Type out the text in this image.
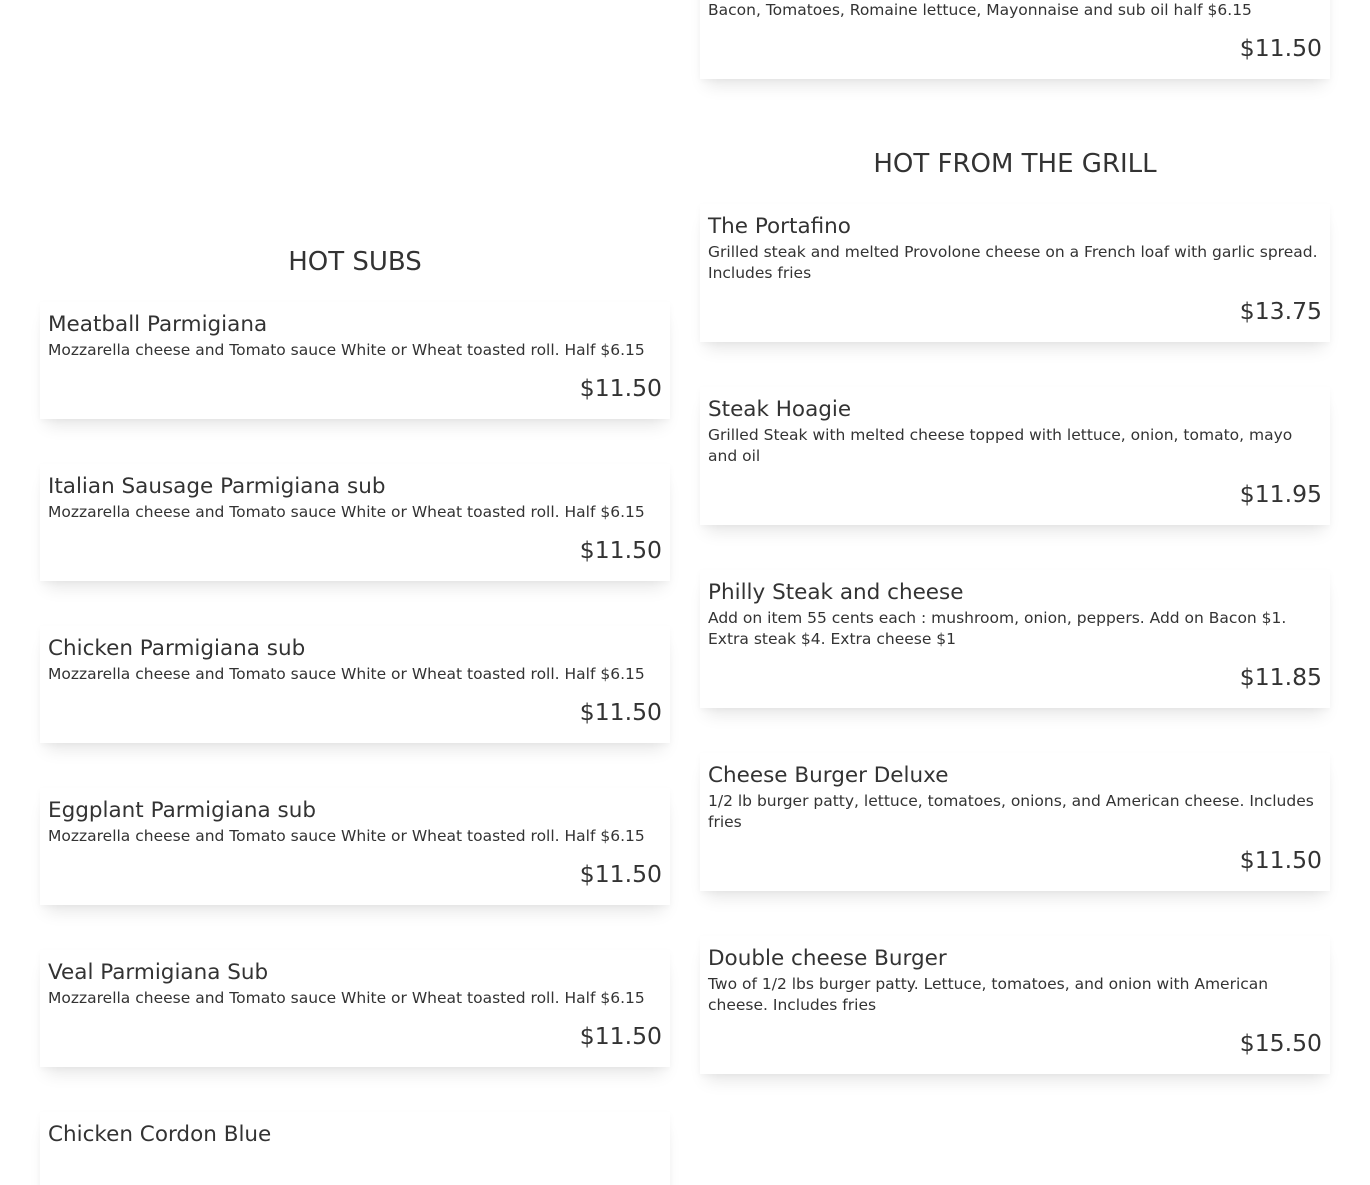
HOT SUBS
Meatball Parmigiana
Mozzarella cheese and Tomato sauce White or Wheat toasted roll. Half $6.15
$11.50
Italian Sausage Parmigiana sub
Mozzarella cheese and Tomato sauce White or Wheat toasted roll. Half $6.15
$11.50
Chicken Parmigiana sub
Mozzarella cheese and Tomato sauce White or Wheat toasted roll. Half $6.15
$11.50
Eggplant Parmigiana sub
Mozzarella cheese and Tomato sauce White or Wheat toasted roll. Half $6.15
$11.50
Veal Parmigiana Sub
Mozzarella cheese and Tomato sauce White or Wheat toasted roll. Half $6.15
$11.50
Chicken Cordon Blue
Bacon, Tomatoes, Romaine lettuce, Mayonnaise and sub oil half $6.15
$11.50
HOT FROM THE GRILL
The Portafino
Grilled steak and melted Provolone cheese on a French loaf with garlic spread. Includes fries
$13.75
Steak Hoagie
Grilled Steak with melted cheese topped with lettuce, onion, tomato, mayo and oil
$11.95
Philly Steak and cheese
Add on item 55 cents each : mushroom, onion, peppers. Add on Bacon $1. Extra steak $4. Extra cheese $1
$11.85
Cheese Burger Deluxe
1/2 lb burger patty, lettuce, tomatoes, onions, and American cheese. Includes fries
$11.50
Double cheese Burger
Two of 1/2 lbs burger patty. Lettuce, tomatoes, and onion with American cheese. Includes fries
$15.50
